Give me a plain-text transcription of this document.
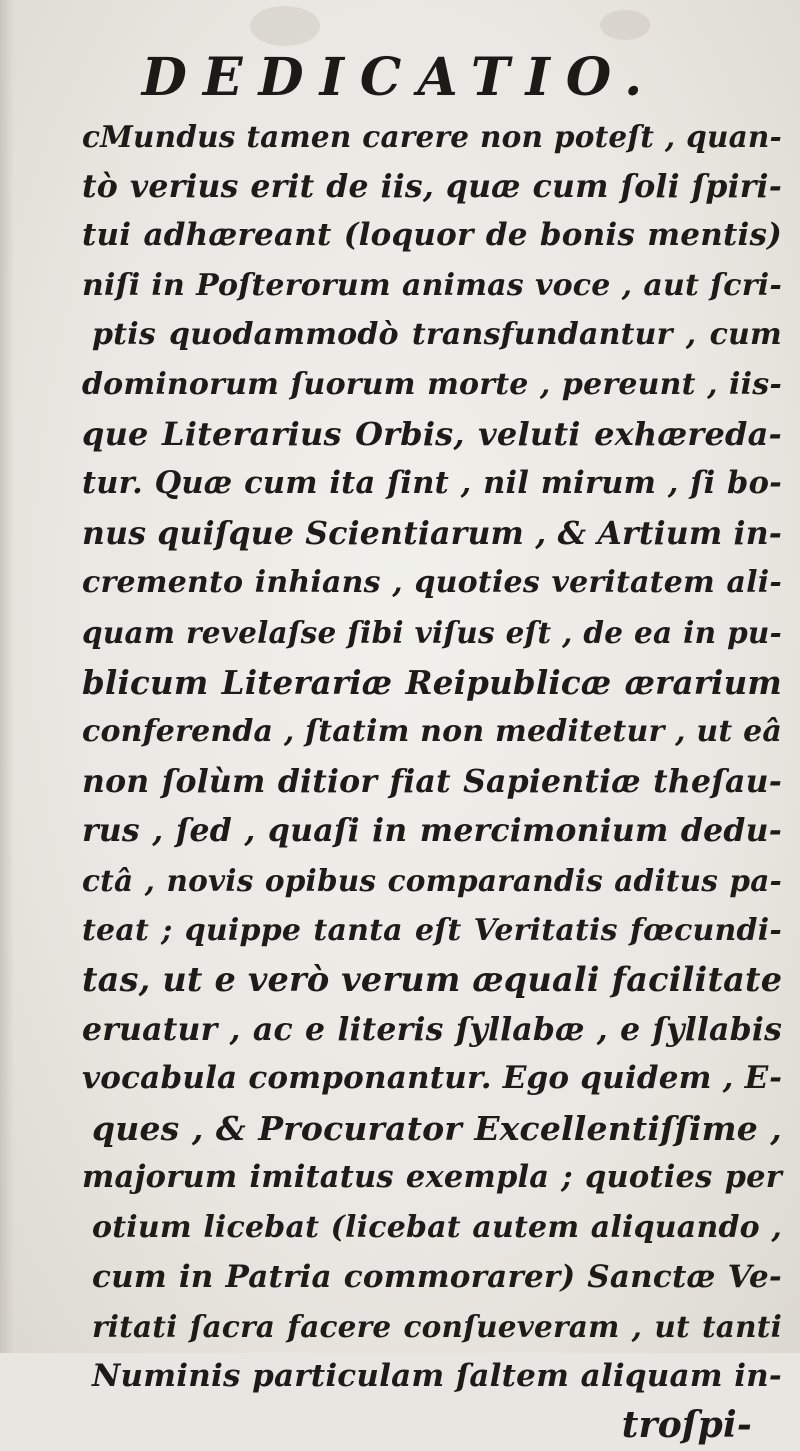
DEDICATIO.
cMundus tamen carere non poteſt , quan-
tò verius erit de iis, quæ cum ſoli ſpiri-
tui adhæreant (loquor de bonis mentis)
niſi in Poſterorum animas voce , aut ſcri-
ptis quodammodò transfundantur , cum
dominorum ſuorum morte , pereunt , iis-
que Literarius Orbis, veluti exhæreda-
tur. Quæ cum ita ſint , nil mirum , ſi bo-
nus quiſque Scientiarum , & Artium in-
cremento inhians , quoties veritatem ali-
quam revelaſse ſibi viſus eſt , de ea in pu-
blicum Literariæ Reipublicæ ærarium
conferenda , ſtatim non meditetur , ut eâ
non ſolùm ditior fiat Sapientiæ theſau-
rus , ſed , quaſi in mercimonium dedu-
ctâ , novis opibus comparandis aditus pa-
teat ; quippe tanta eſt Veritatis fœcundi-
tas, ut e verò verum æquali facilitate
eruatur , ac e literis ſyllabæ , e ſyllabis
vocabula componantur. Ego quidem , E-
ques , & Procurator Excellentiſſime ,
majorum imitatus exempla ; quoties per
otium licebat (licebat autem aliquando ,
cum in Patria commorarer) Sanctæ Ve-
ritati ſacra facere conſueveram , ut tanti
Numinis particulam ſaltem aliquam in-
troſpi-
